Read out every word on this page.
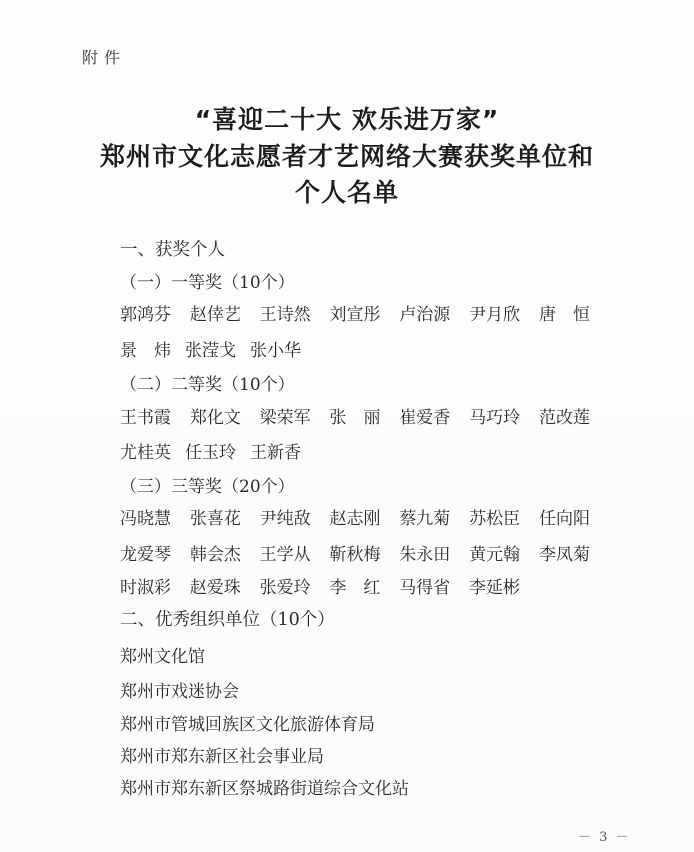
附件
“喜迎二十大 欢乐进万家”
郑州市文化志愿者才艺网络大赛获奖单位和
个人名单
一、获奖个人
（一）一等奖（10个）
郭鸿芬 赵倖艺 王诗然 刘宣彤 卢治源 尹月欣 唐　恒
景　炜 张滢戈 张小华
（二）二等奖（10个）
王书霞 郑化文 梁荣军 张　丽 崔爱香 马巧玲 范改莲
尤桂英 任玉玲 王新香
（三）三等奖（20个）
冯晓慧 张喜花 尹纯敌 赵志刚 蔡九菊 苏松臣 任向阳
龙爱琴 韩会杰 王学从 靳秋梅 朱永田 黄元翰 李凤菊
时淑彩 赵爱珠 张爱玲 李　红 马得省 李延彬
二、优秀组织单位（10个）
郑州文化馆
郑州市戏迷协会
郑州市管城回族区文化旅游体育局
郑州市郑东新区社会事业局
郑州市郑东新区祭城路街道综合文化站
－ 3 －
